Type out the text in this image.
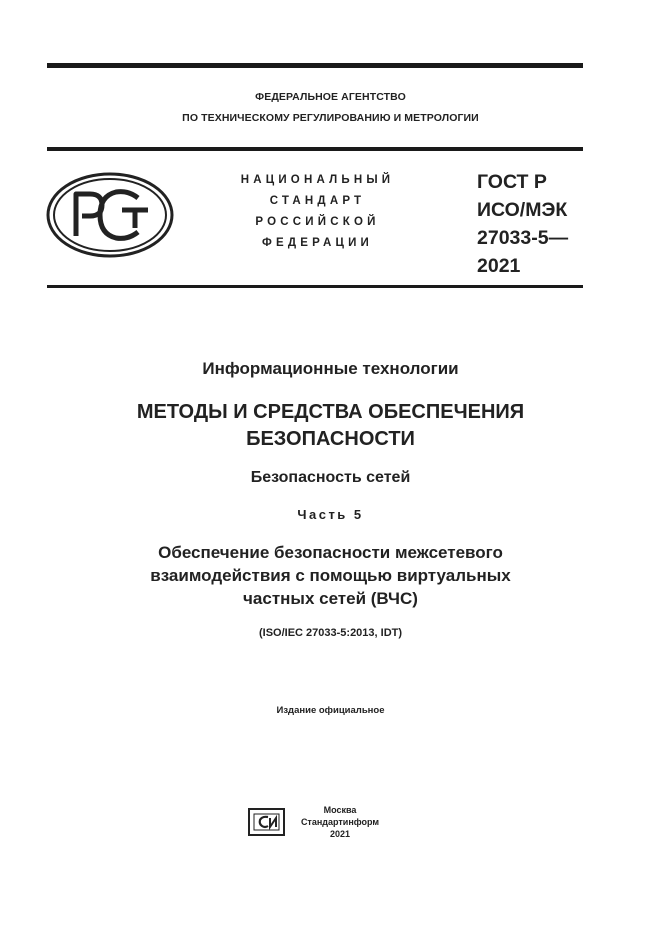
ФЕДЕРАЛЬНОЕ АГЕНТСТВО
ПО ТЕХНИЧЕСКОМУ РЕГУЛИРОВАНИЮ И МЕТРОЛОГИИ
НАЦИОНАЛЬНЫЙ
СТАНДАРТ
РОССИЙСКОЙ
ФЕДЕРАЦИИ
ГОСТ Р
ИСО/МЭК
27033-5—
2021
Информационные технологии
МЕТОДЫ И СРЕДСТВА ОБЕСПЕЧЕНИЯ
БЕЗОПАСНОСТИ
Безопасность сетей
Часть 5
Обеспечение безопасности межсетевого
взаимодействия с помощью виртуальных
частных сетей (ВЧС)
(ISO/IEC 27033-5:2013, IDT)
Издание официальное
Москва
Стандартинформ
2021
